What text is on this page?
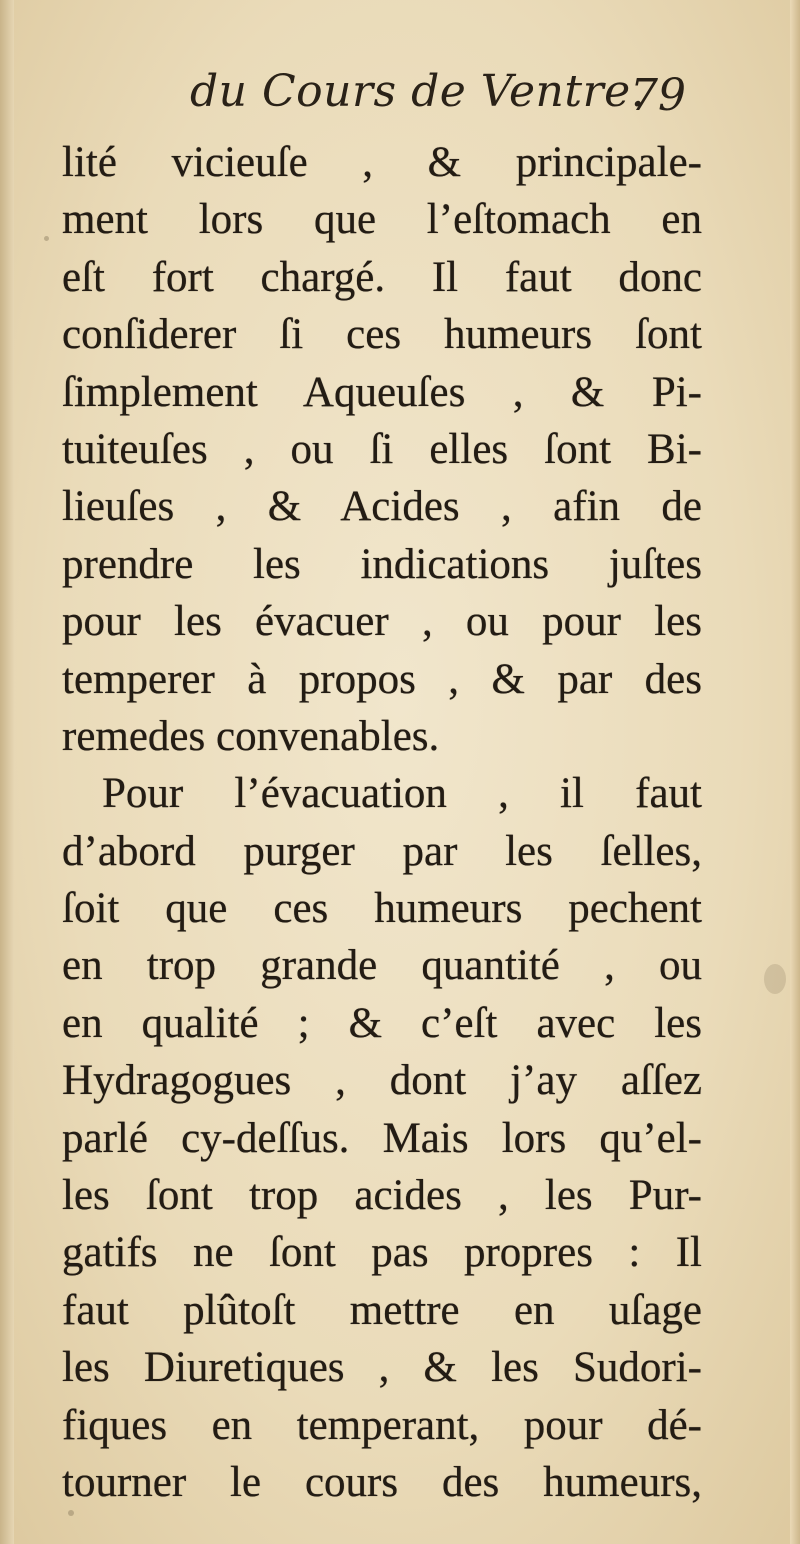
du Cours de Ventre.
79
lité vicieuſe , & principale-
ment lors que l’eſtomach en
eſt fort chargé. Il faut donc
conſiderer ſi ces humeurs ſont
ſimplement Aqueuſes , & Pi-
tuiteuſes , ou ſi elles ſont Bi-
lieuſes , & Acides , afin de
prendre les indications juſtes
pour les évacuer , ou pour les
temperer à propos , & par des
remedes convenables.
Pour l’évacuation , il faut
d’abord purger par les ſelles,
ſoit que ces humeurs pechent
en trop grande quantité , ou
en qualité ; & c’eſt avec les
Hydragogues , dont j’ay aſſez
parlé cy-deſſus. Mais lors qu’el-
les ſont trop acides , les Pur-
gatifs ne ſont pas propres : Il
faut plûtoſt mettre en uſage
les Diuretiques , & les Sudori-
fiques en temperant, pour dé-
tourner le cours des humeurs,
